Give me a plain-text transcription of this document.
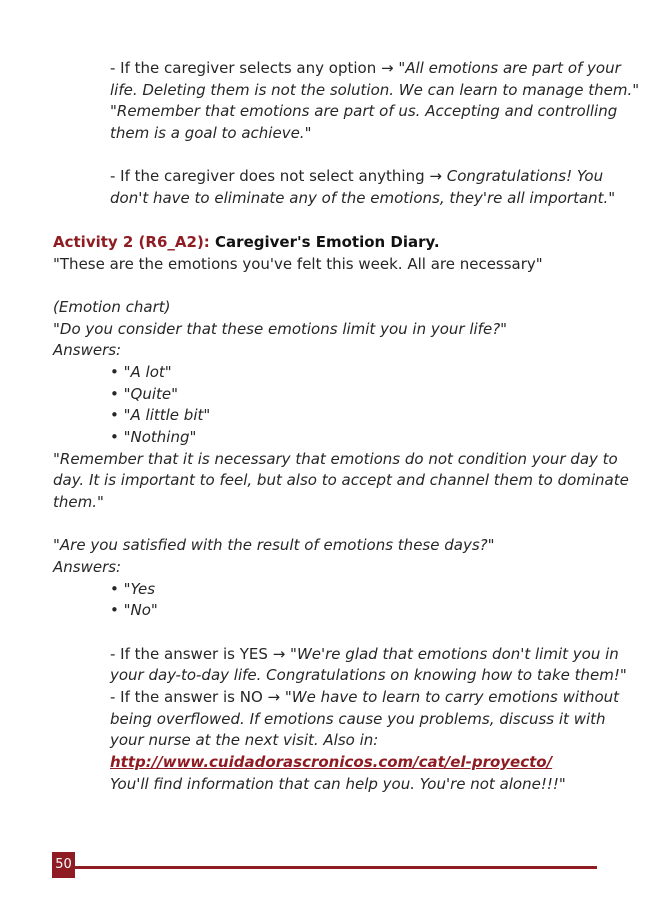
- If the caregiver selects any option → "All emotions are part of your
life. Deleting them is not the solution. We can learn to manage them."
"Remember that emotions are part of us. Accepting and controlling
them is a goal to achieve."
- If the caregiver does not select anything → Congratulations! You
don't have to eliminate any of the emotions, they're all important."
Activity 2 (R6_A2): Caregiver's Emotion Diary.
"These are the emotions you've felt this week. All are necessary"
(Emotion chart)
"Do you consider that these emotions limit you in your life?"
Answers:
• "A lot"
• "Quite"
• "A little bit"
• "Nothing"
"Remember that it is necessary that emotions do not condition your day to
day. It is important to feel, but also to accept and channel them to dominate
them."
"Are you satisfied with the result of emotions these days?"
Answers:
• "Yes
• "No"
- If the answer is YES → "We're glad that emotions don't limit you in
your day-to-day life. Congratulations on knowing how to take them!"
- If the answer is NO → "We have to learn to carry emotions without
being overflowed. If emotions cause you problems, discuss it with
your nurse at the next visit. Also in:
http://www.cuidadorascronicos.com/cat/el-proyecto/
You'll find information that can help you. You're not alone!!!"
50
